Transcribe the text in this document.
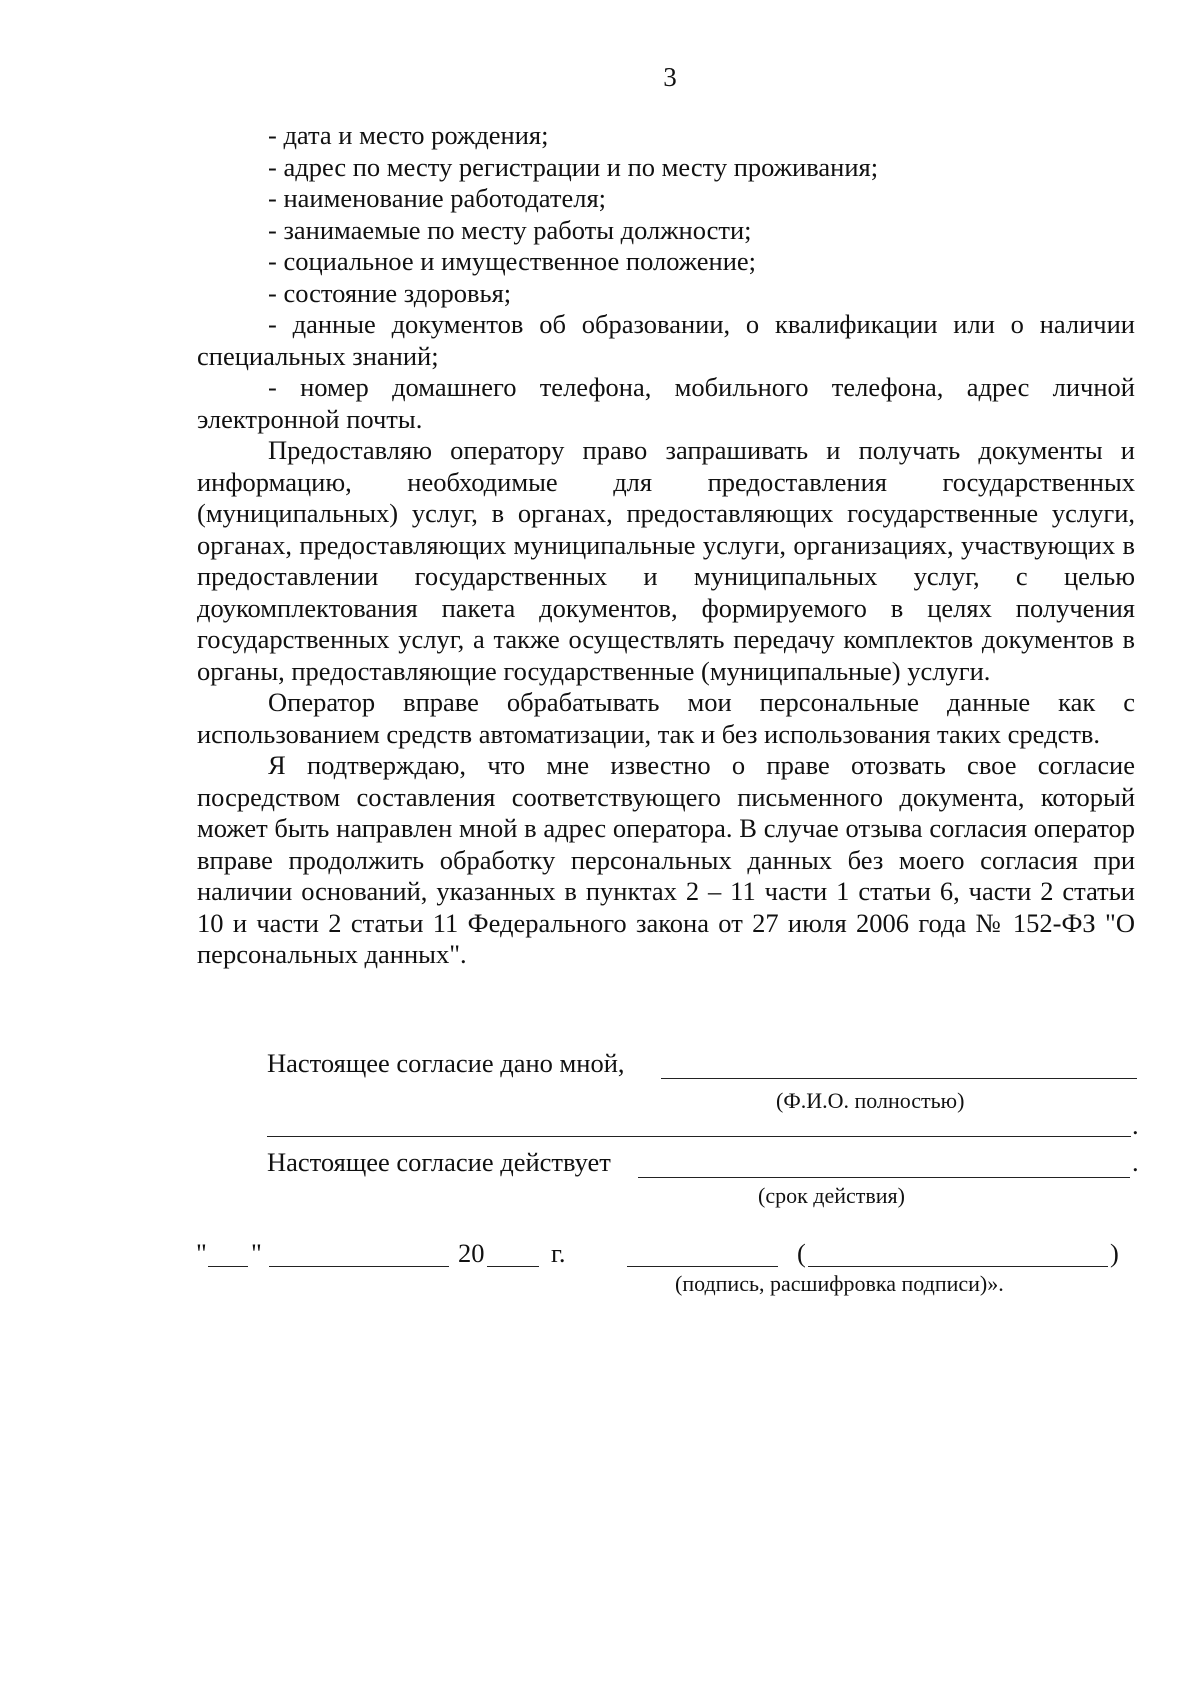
3

- дата и место рождения;

- адрес по месту регистрации и по месту проживания;

- наименование работодателя;

- занимаемые по месту работы должности;

- социальное и имущественное положение;

- состояние здоровья;

- данные документов об образовании, о квалификации или о наличии специальных знаний;

- номер домашнего телефона, мобильного телефона, адрес личной электронной почты.

Предоставляю оператору право запрашивать и получать документы и информацию, необходимые для предоставления государственных (муниципальных) услуг, в органах, предоставляющих государственные услуги, органах, предоставляющих муниципальные услуги, организациях, участвующих в предоставлении государственных и муниципальных услуг, с целью доукомплектования пакета документов, формируемого в целях получения государственных услуг, а также осуществлять передачу комплектов документов в органы, предоставляющие государственные (муниципальные) услуги.

Оператор вправе обрабатывать мои персональные данные как с использованием средств автоматизации, так и без использования таких средств.

Я подтверждаю, что мне известно о праве отозвать свое согласие посредством составления соответствующего письменного документа, который может быть направлен мной в адрес оператора. В случае отзыва согласия оператор вправе продолжить обработку персональных данных без моего согласия при наличии оснований, указанных в пунктах 2 – 11 части 1 статьи 6, части 2 статьи 10 и части 2 статьи 11 Федерального закона от 27 июля 2006 года № 152-ФЗ "О персональных данных".

Настоящее согласие дано мной,
(Ф.И.О. полностью)
.
Настоящее согласие действует	.
(срок действия)
" "	20	г.	(	)
(подпись, расшифровка подписи)».
